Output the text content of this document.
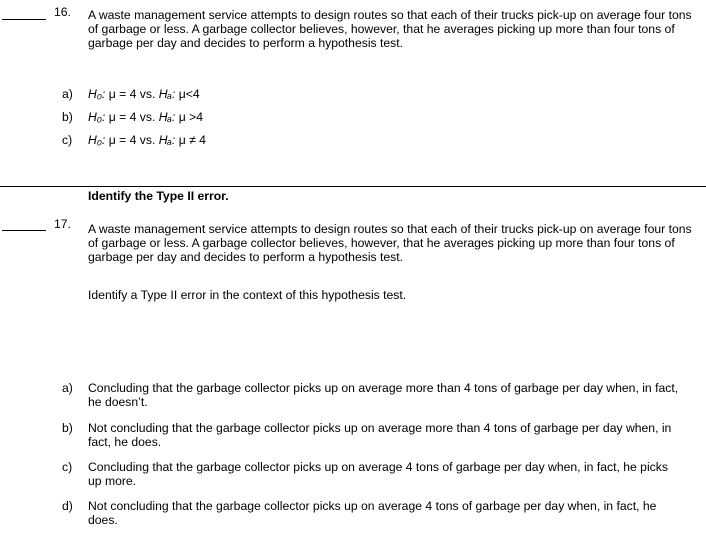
16. A waste management service attempts to design routes so that each of their trucks pick-up on average four tons of garbage or less. A garbage collector believes, however, that he averages picking up more than four tons of garbage per day and decides to perform a hypothesis test.
a) H₀: μ = 4 vs. Hₐ: μ<4
b) H₀: μ = 4 vs. Hₐ: μ >4
c) H₀: μ = 4 vs. Hₐ: μ ≠ 4
Identify the Type II error.
17. A waste management service attempts to design routes so that each of their trucks pick-up on average four tons of garbage or less. A garbage collector believes, however, that he averages picking up more than four tons of garbage per day and decides to perform a hypothesis test.
Identify a Type II error in the context of this hypothesis test.
a) Concluding that the garbage collector picks up on average more than 4 tons of garbage per day when, in fact, he doesn’t.
b) Not concluding that the garbage collector picks up on average more than 4 tons of garbage per day when, in fact, he does.
c) Concluding that the garbage collector picks up on average 4 tons of garbage per day when, in fact, he picks up more.
d) Not concluding that the garbage collector picks up on average 4 tons of garbage per day when, in fact, he does.
